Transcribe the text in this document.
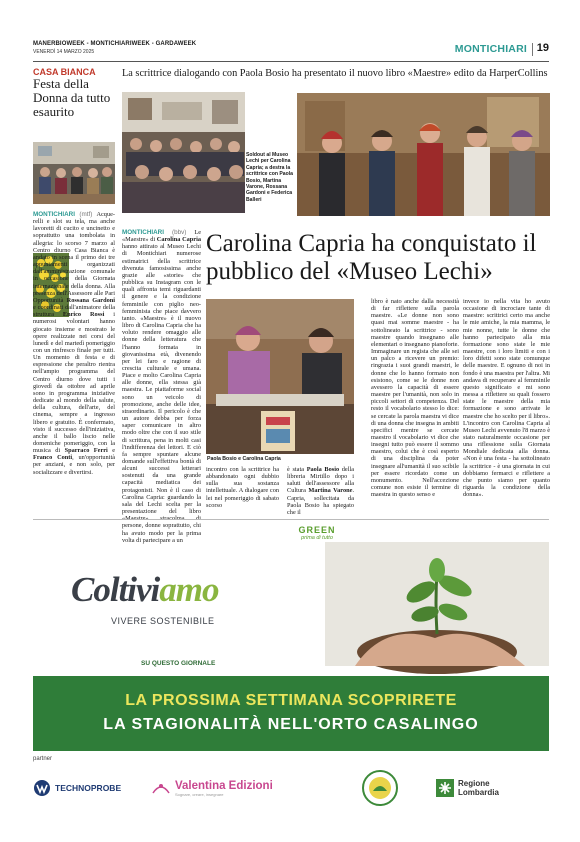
MANERBIOWEEK - MONTICHIARIWEEK - GARDAWEEK
VENERDÌ 14 MARZO 2025	MONTICHIARI 19
CASA BIANCA
Festa della Donna da tutto esaurito
MONTICHIARI (mtf) Acque-relli e slot su tela, ma anche lavoretti di cucito e uncinetto e soprattutto una tombolata in allegria: lo scorso 7 marzo al Centro diurno Casa Bianca è andato in scena il primo dei tre appuntamenti organizzati dall'amministrazione comunale in occasione della Giornata internazionale della donna. Alla presenza dell'Assessore alle Pari Opportunità Rossana Gardoni e coordinati dall'animatore della struttura Enrico Rossi i numerosi volontari hanno giocato insieme e mostrato le opere realizzate nei corsi del lunedì e del martedì pomeriggio con un rinfresco finale per tutti. Un momento di festa e di espressione che peraltro rientra nell'ampio programma del Centro diurno dove tutti i giovedì da ottobre ad aprile sono in programma iniziative dedicate al mondo della salute, della cultura, dell'arte, del cinema, sempre a ingresso libero e gratuito. È confermato, visto il successo dell'iniziativa, anche il ballo liscio nelle domeniche pomeriggio, con la musica di Sparraco Ferri e Franco Conti, un'opportunità per anziani, e non solo, per socializzare e divertirsi.
La scrittrice dialogando con Paola Bosio ha presentato il nuovo libro «Maestre» edito da HarperCollins
Soldout al Museo Lechi per Carolina Capria; a destra la scrittrice con Paola Bosio, Martina Varone, Rossana Gardoni e Federica Balleri
Carolina Capria ha conquistato il pubblico del «Museo Lechi»
Paola Bosio e Carolina Capria
MONTICHIARI (bbv) Le «Maestre» di Carolina Capria hanno attirato al Museo Lechi di Montichiari numerose estimatrici della scrittrice divenuta famosissima anche grazie alle «storie» che pubblica su Instagram con le quali affronta temi riguardanti il genere e la condizione femminile con piglio neo-femminista che piace davvero tanto. «Maestre» è il nuovo libro di Carolina Capria che ha voluto rendere omaggio alle donne della letteratura che l'hanno formata in giovanissima età, divenendo per lei faro e ragione di crescita culturale e umana. Piace e molto Carolina Capria alle donne, ella stessa già maestra. Le piattaforme social sono un veicolo di promozione, anche delle idee, straordinario. Il pericolo è che un autore debba per forza saper comunicare in altro modo oltre che con il suo stile di scrittura, pena in molti casi l'indifferenza dei lettori. E ciò fa sempre spuntare alcune domande sull'effettiva bontà di alcuni successi letterari sostenuti da una grande capacità mediatica dei protagonisti. Non è il caso di Carolina Capria: guardando la sala del Lechi scelta per la presentazione del libro «Maestre» stracolma di persone, donne soprattutto, chi ha avuto modo per la prima volta di partecipare a un
incontro con la scrittrice ha abbandonato ogni dubbio sulla sua sostanza intellettuale. A dialogare con lei nel pomeriggio di sabato scorso
è stata Paola Bosio della libreria Mirtillo dopo i saluti dell'assessore alla Cultura Martina Varone. Capria, sollecitata da Paola Bosio ha spiegato che il
libro è nato anche dalla necessità di far riflettere sulla parola maestre. «Le donne non sono quasi mai somme maestre - ha sottolineato la scrittrice - sono maestre quando insegnano alle elementari o insegnano pianoforte. Immaginare un regista che alle sei un palco a ricevere un premio: ringrazia i suoi grandi maestri, le donne che lo hanno formato non esistono, come se le donne non avessero la capacità di essere maestre per l'umanità, non solo in piccoli settori di competenza. Del resto il vocabolario stesso lo dice: se cercate la parola maestra vi dice di una donna che insegna in ambiti specifici mentre se cercate maestro il vocabolario vi dice che insegni tutto può essere il sommo maestro, colui che è così esperto di una disciplina da poter insegnare all'umanità il suo scibile per essere ricordato come un monumento. Nell'accezione comune non esiste il termine di maestra in questo senso e
invece io nella vita ho avuto occasione di incrociare tante di maestre: scrittrici certo ma anche le mie amiche, la mia mamma, le mie nonne, tutte le donne che hanno partecipato alla mia formazione sono state le mie maestre, con i loro limiti e con i loro difetti sono state comunque delle maestre. E ognuno di noi in fondo è una maestra per l'altra. Mi andava di recuperare al femminile questo significato e mi sono messa a riflettere su quali fossero state le maestre della mia formazione e sono arrivate le maestre che ho scelto per il libro». L'incontro con Carolina Capria al Museo Lechi avvenuto l'8 marzo è stato naturalmente occasione per una riflessione sulla Giornata Mondiale dedicata alla donna. «Non è una festa - ha sottolineato la scrittrice - è una giornata in cui dobbiamo fermarci e riflettere a che punto siamo per quanto riguarda la condizione della donna».
GREEN
prima di tutto
Coltiviamo
VIVERE SOSTENIBILE
SU QUESTO GIORNALE
LA PROSSIMA SETTIMANA SCOPRIRETE
LA STAGIONALITÀ NELL'ORTO CASALINGO
partner
TECHNOPROBE	Valentina Edizioni
Sognare, creare, insegnare
Regione
Lombardia
